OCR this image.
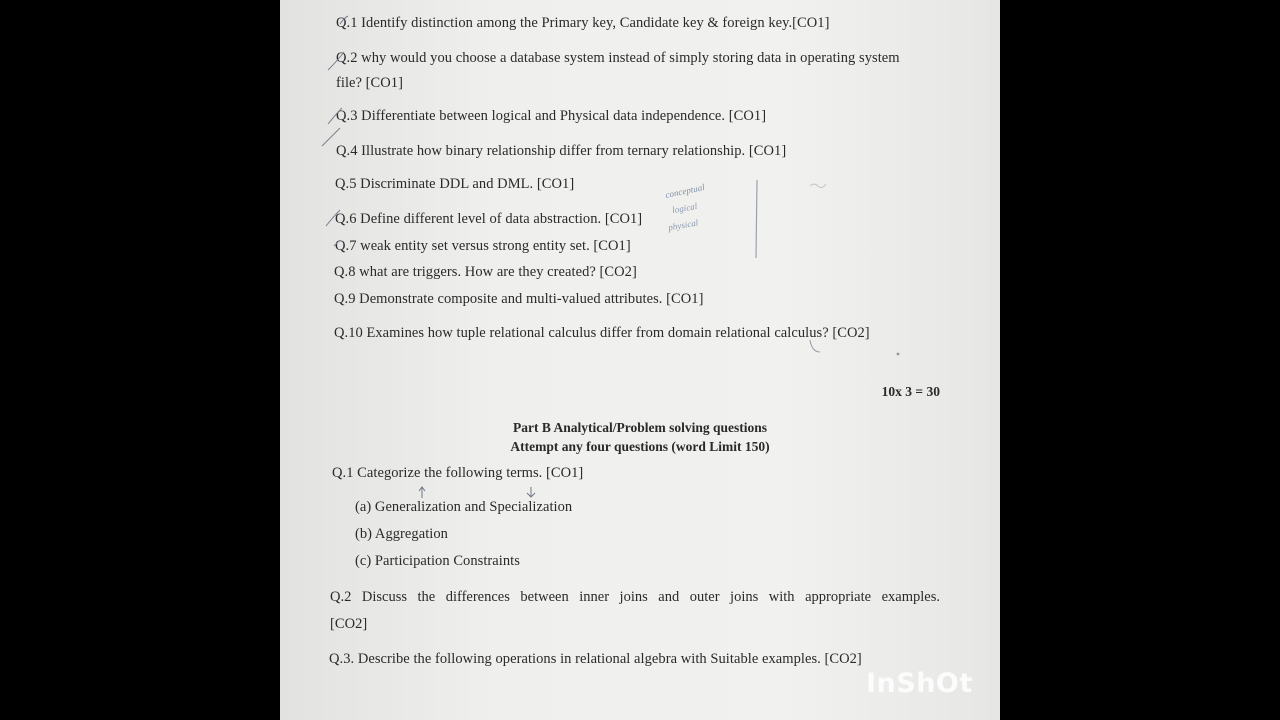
Q.1 Identify distinction among the Primary key, Candidate key & foreign key.[CO1]
Q.2 why would you choose a database system instead of simply storing data in operating system
file? [CO1]
Q.3 Differentiate between logical and Physical data independence. [CO1]
Q.4 Illustrate how binary relationship differ from ternary relationship. [CO1]
Q.5 Discriminate DDL and DML. [CO1]
Q.6 Define different level of data abstraction. [CO1]
Q.7 weak entity set versus strong entity set. [CO1]
Q.8 what are triggers. How are they created? [CO2]
Q.9 Demonstrate composite and multi-valued attributes. [CO1]
Q.10 Examines how tuple relational calculus differ from domain relational calculus? [CO2]
10x 3 = 30
Part B Analytical/Problem solving questions
Attempt any four questions (word Limit 150)
Q.1 Categorize the following terms. [CO1]
(a) Generalization and Specialization
(b) Aggregation
(c) Participation Constraints
Q.2 Discuss the differences between inner joins and outer joins with appropriate examples.
[CO2]
Q.3. Describe the following operations in relational algebra with Suitable examples. [CO2]
conceptual
logical
physical
InShOt
